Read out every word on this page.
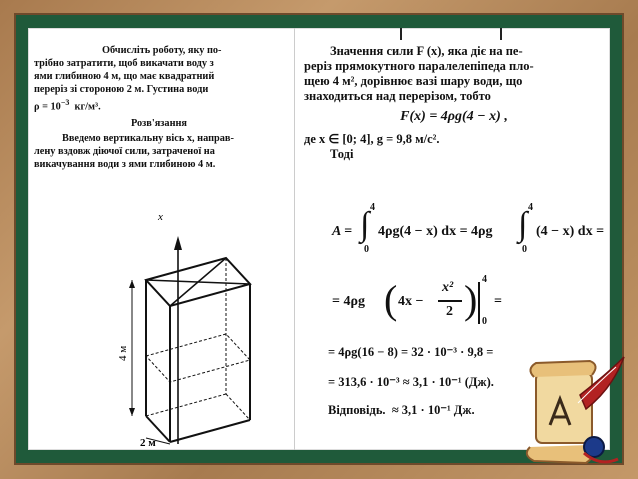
Обчисліть роботу, яку по-

трібно затратити, щоб викачати воду з
ями глибиною 4 м, що має квадратний
переріз зі стороною 2 м. Густина води
$\rho = 10^{-3}$ кг/м³.
Розв'язання

Введемо вертикальну вісь x, направ-

лену вздовж діючої сили, затраченої на
викачування води з ями глибиною 4 м.
x
4 м
2 м
Значення сили F (x), яка діє на пе-
реріз прямокутного паралелепіпеда пло-
щею 4 м², дорівнює вазі шару води, що
знаходиться над перерізом, тобто
F(x) = 4ρg(4 − x) ,
де x ∈ [0; 4], g = 9,8 м/с².
Тоді
A = ∫ 4
0
4ρg(4 − x) dx = 4ρg ∫ 4
0
(4 − x) dx =
= 4ρg ( 4x −
x²
2 ) 4
0
=
= 4ρg(16 − 8) = 32 · 10⁻³ · 9,8 =
= 313,6 · 10⁻³ ≈ 3,1 · 10⁻¹ (Дж).
Відповідь. ≈ 3,1 · 10⁻¹ Дж.
